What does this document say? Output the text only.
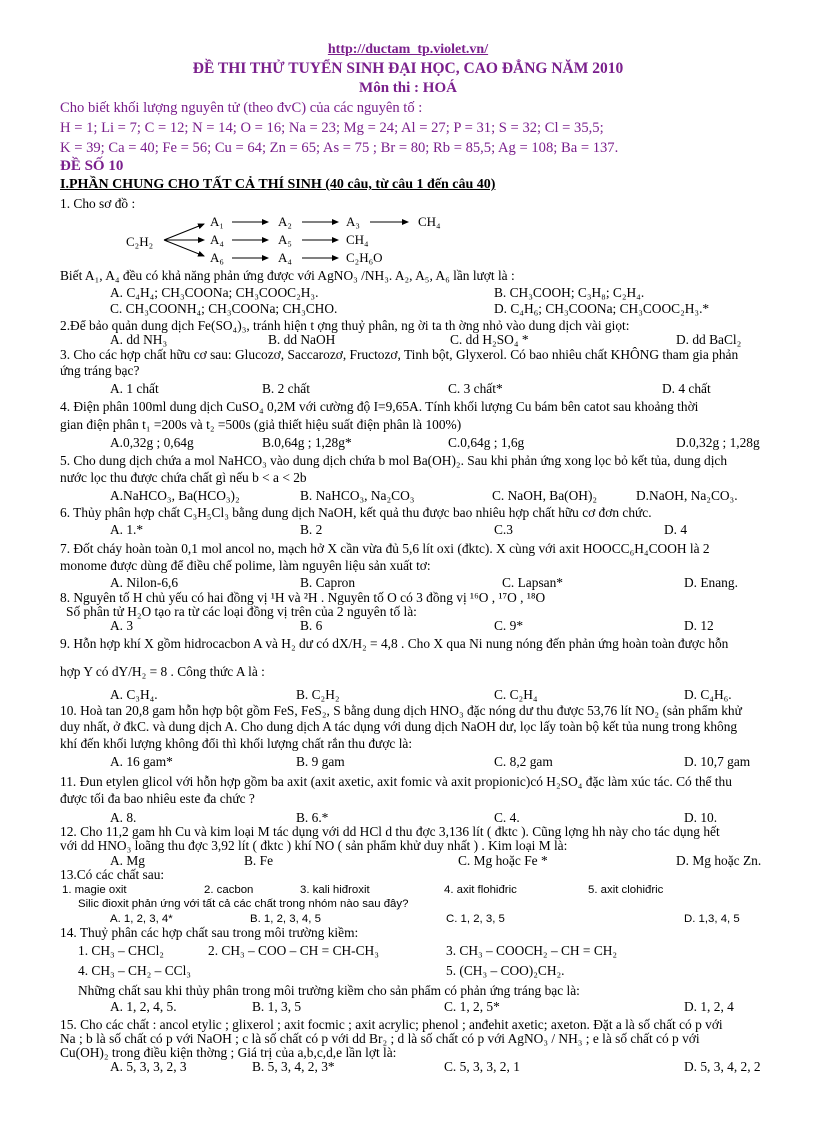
http://ductam_tp.violet.vn/
ĐỀ THI THỬ TUYỂN SINH ĐẠI HỌC, CAO ĐẲNG NĂM 2010
Môn thi : HOÁ
Cho biết khối lượng nguyên tử (theo đvC) của các nguyên tố :
H = 1; Li = 7; C = 12; N = 14; O = 16; Na = 23; Mg = 24; Al = 27; P = 31; S = 32; Cl = 35,5;
K = 39; Ca = 40; Fe = 56; Cu = 64; Zn = 65; As = 75 ; Br = 80; Rb = 85,5; Ag = 108; Ba = 137.
ĐỀ SỐ 10
I.PHẦN CHUNG CHO TẤT CẢ THÍ SINH (40 câu, từ câu 1 đến câu 40)
C₂H₂
A₁	A₂	A₃	CH₄
A₄	A₅	CH₄
A₆	A₄	C₂H₆O
1. Cho sơ đồ :
Biết A₁, A₄ đều có khả năng phản ứng được với AgNO₃ /NH₃. A₂, A₅, A₆ lần lượt là :
A. C₄H₄; CH₃COONa; CH₃COOC₂H₃.	B. CH₃COOH; C₃H₈; C₂H₄.
C. CH₃COONH₄; CH₃COONa; CH₃CHO.	D. C₄H₆; CH₃COONa; CH₃COOC₂H₃.*
2.Để bảo quản dung dịch Fe(SO₄)₃, tránh hiện t ợng thuỷ phân, ng ời ta th ờng nhỏ vào dung dịch vài giọt:
A. dd NH₃	B. dd NaOH	C. dd H₂SO₄ *	D. dd BaCl₂
3. Cho các hợp chất hữu cơ sau: Glucozơ, Saccarozơ, Fructozơ, Tinh bột, Glyxerol. Có bao nhiêu chất KHÔNG tham gia phản
ứng tráng bạc?
A. 1 chất	B. 2 chất	C. 3 chất*	D. 4 chất
4. Điện phân 100ml dung dịch CuSO₄ 0,2M với cường độ I=9,65A. Tính khối lượng Cu bám bên catot sau khoảng thời
gian điện phân t₁ =200s và t₂ =500s (giả thiết hiệu suất điện phân là 100%)
A.0,32g ; 0,64g	B.0,64g ; 1,28g*	C.0,64g ; 1,6g	D.0,32g ; 1,28g
5. Cho dung dịch chứa a mol NaHCO₃ vào dung dịch chứa b mol Ba(OH)₂. Sau khi phản ứng xong lọc bỏ kết tủa, dung dịch
nước lọc thu được chứa chất gì nếu b < a < 2b
A.NaHCO₃, Ba(HCO₃)₂	B. NaHCO₃, Na₂CO₃	C. NaOH, Ba(OH)₂	D.NaOH, Na₂CO₃.
6. Thủy phân hợp chất C₃H₅Cl₃ bằng dung dịch NaOH, kết quả thu được bao nhiêu hợp chất hữu cơ đơn chức.
A. 1.*	B. 2	C.3	D. 4
7. Đốt cháy hoàn toàn 0,1 mol ancol no, mạch hở X cần vừa đủ 5,6 lít oxi (đktc). X cùng với axit HOOCC₆H₄COOH là 2
monome được dùng để điều chế polime, làm nguyên liệu sản xuất tơ:
A. Nilon-6,6	B. Capron	C. Lapsan*	D. Enang.
8. Nguyên tố H chủ yếu có hai đồng vị ¹H và ²H . Nguyên tố O có 3 đồng vị ¹⁶O , ¹⁷O , ¹⁸O
Số phân tử H₂O tạo ra từ các loại đồng vị trên của 2 nguyên tố là:
A. 3	B. 6	C. 9*	D. 12
9. Hỗn hợp khí X gồm hidrocacbon A và H₂ dư có dX/H₂ = 4,8 . Cho X qua Ni nung nóng đến phản ứng hoàn toàn được hỗn
hợp Y có dY/H₂ = 8 . Công thức A là :
A. C₃H₄.	B. C₂H₂	C. C₂H₄	D. C₄H₆.
10. Hoà tan 20,8 gam hỗn hợp bột gồm FeS, FeS₂, S bằng dung dịch HNO₃ đặc nóng dư thu được 53,76 lít NO₂ (sản phẩm khử
duy nhất, ở đkC. và dung dịch A. Cho dung dịch A tác dụng với dung dịch NaOH dư, lọc lấy toàn bộ kết tủa nung trong không
khí đến khối lượng không đổi thì khối lượng chất rắn thu được là:
A. 16 gam*	B. 9 gam	C. 8,2 gam	D. 10,7 gam
11. Đun etylen glicol với hỗn hợp gồm ba axit (axit axetic, axit fomic và axit propionic)có H₂SO₄ đặc làm xúc tác. Có thể thu
được tối đa bao nhiêu este đa chức ?
A. 8.	B. 6.*	C. 4.	D. 10.
12. Cho 11,2 gam hh Cu và kim loại M tác dụng với dd HCl d thu đợc 3,136 lít ( đktc ). Cũng lợng hh này cho tác dụng hết
với dd HNO₃ loãng thu đợc 3,92 lít ( đktc ) khí NO ( sản phẩm khử duy nhất ) . Kim loại M là:
A. Mg	B. Fe	C. Mg hoặc Fe *	D. Mg hoặc Zn.
13.Có các chất sau:
1. magie oxit	2. cacbon	3. kali hiđroxit	4. axit flohiđric	5. axit clohiđric
Silic đioxit phản ứng với tất cả các chất trong nhóm nào sau đây?
A. 1, 2, 3, 4*	B. 1, 2, 3, 4, 5	C. 1, 2, 3, 5	D. 1,3, 4, 5
14. Thuỷ phân các hợp chất sau trong môi trường kiềm:
1. CH₃ – CHCl₂	2. CH₃ – COO – CH = CH-CH₃	3. CH₃ – COOCH₂ – CH = CH₂
4. CH₃ – CH₂ – CCl₃	5. (CH₃ – COO)₂CH₂.
Những chất sau khi thủy phân trong môi trường kiềm cho sản phẩm có phản ứng tráng bạc là:
A. 1, 2, 4, 5.	B. 1, 3, 5	C. 1, 2, 5*	D. 1, 2, 4
15. Cho các chất : ancol etylic ; glixerol ; axit focmic ; axit acrylic; phenol ; anđehit axetic; axeton. Đặt a là số chất có p với
Na ; b là số chất có p với NaOH ; c là số chất có p với dd Br₂ ; d là số chất có p với AgNO₃ / NH₃ ; e là số chất có p với
Cu(OH)₂ trong điều kiện thờng ; Giá trị của a,b,c,d,e lần lợt là:
A. 5, 3, 3, 2, 3	B. 5, 3, 4, 2, 3*	C. 5, 3, 3, 2, 1	D. 5, 3, 4, 2, 2
